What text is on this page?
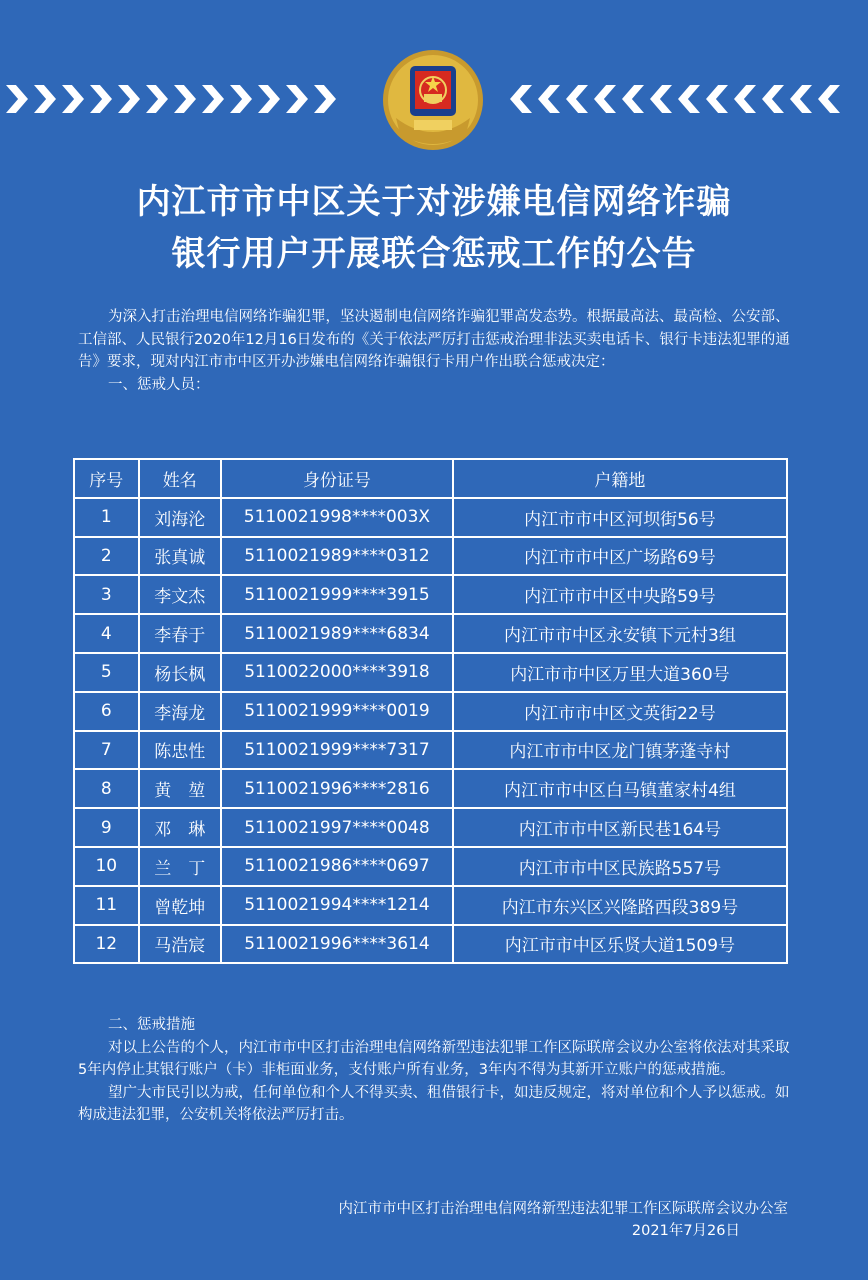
内江市市中区关于对涉嫌电信网络诈骗
银行用户开展联合惩戒工作的公告

为深入打击治理电信网络诈骗犯罪，坚决遏制电信网络诈骗犯罪高发态势。根据最高法、最高检、公安部、工信部、人民银行2020年12月16日发布的《关于依法严厉打击惩戒治理非法买卖电话卡、银行卡违法犯罪的通告》要求，现对内江市市中区开办涉嫌电信网络诈骗银行卡用户作出联合惩戒决定：

一、惩戒人员：

序号	姓名	身份证号	户籍地
1	刘海沦	5110021998****003X	内江市市中区河坝街56号
2	张真诚	5110021989****0312	内江市市中区广场路69号
3	李文杰	5110021999****3915	内江市市中区中央路59号
4	李春于	5110021989****6834	内江市市中区永安镇下元村3组
5	杨长枫	5110022000****3918	内江市市中区万里大道360号
6	李海龙	5110021999****0019	内江市市中区文英街22号
7	陈忠性	5110021999****7317	内江市市中区龙门镇茅蓬寺村
8	黄　堃	5110021996****2816	内江市市中区白马镇董家村4组
9	邓　琳	5110021997****0048	内江市市中区新民巷164号
10	兰　丁	5110021986****0697	内江市市中区民族路557号
11	曾乾坤	5110021994****1214	内江市东兴区兴隆路西段389号
12	马浩宸	5110021996****3614	内江市市中区乐贤大道1509号

二、惩戒措施

对以上公告的个人，内江市市中区打击治理电信网络新型违法犯罪工作区际联席会议办公室将依法对其采取5年内停止其银行账户（卡）非柜面业务，支付账户所有业务，3年内不得为其新开立账户的惩戒措施。

望广大市民引以为戒，任何单位和个人不得买卖、租借银行卡，如违反规定，将对单位和个人予以惩戒。如构成违法犯罪，公安机关将依法严厉打击。

内江市市中区打击治理电信网络新型违法犯罪工作区际联席会议办公室
2021年7月26日
